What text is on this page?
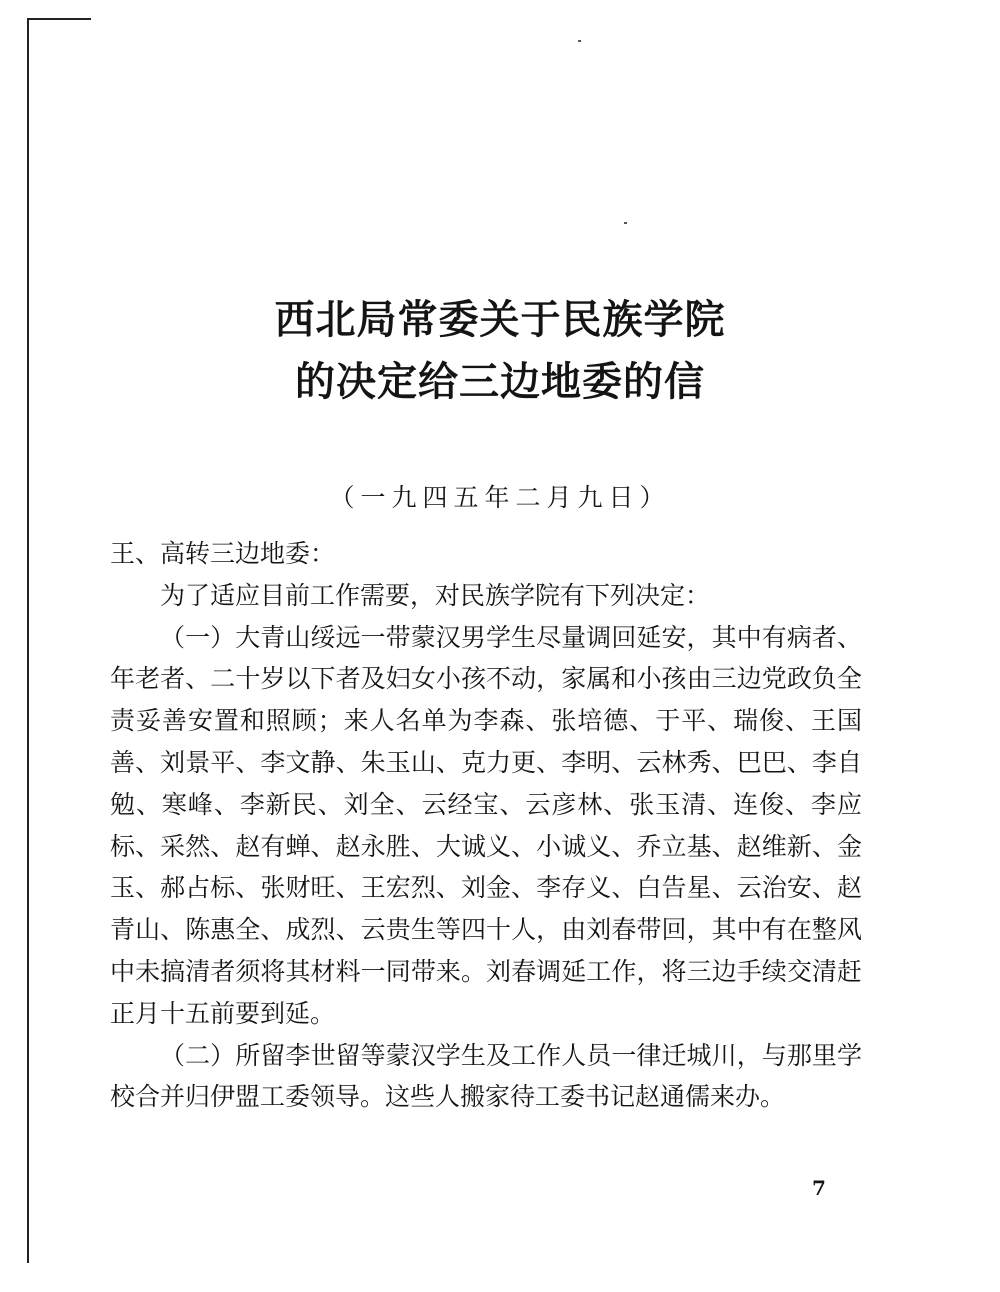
西北局常委关于民族学院
的决定给三边地委的信
（一九四五年二月九日）

王、高转三边地委：

为了适应目前工作需要，对民族学院有下列决定：

（一）大青山绥远一带蒙汉男学生尽量调回延安，其中有病者、年老者、二十岁以下者及妇女小孩不动，家属和小孩由三边党政负全责妥善安置和照顾；来人名单为李森、张培德、于平、瑞俊、王国善、刘景平、李文静、朱玉山、克力更、李明、云林秀、巴巴、李自勉、寒峰、李新民、刘全、云经宝、云彦林、张玉清、连俊、李应标、采然、赵有蝉、赵永胜、大诚义、小诚义、乔立基、赵维新、金玉、郝占标、张财旺、王宏烈、刘金、李存义、白告星、云治安、赵青山、陈惠全、成烈、云贵生等四十人，由刘春带回，其中有在整风中未搞清者须将其材料一同带来。刘春调延工作，将三边手续交清赶正月十五前要到延。

（二）所留李世留等蒙汉学生及工作人员一律迁城川，与那里学校合并归伊盟工委领导。这些人搬家待工委书记赵通儒来办。

7
